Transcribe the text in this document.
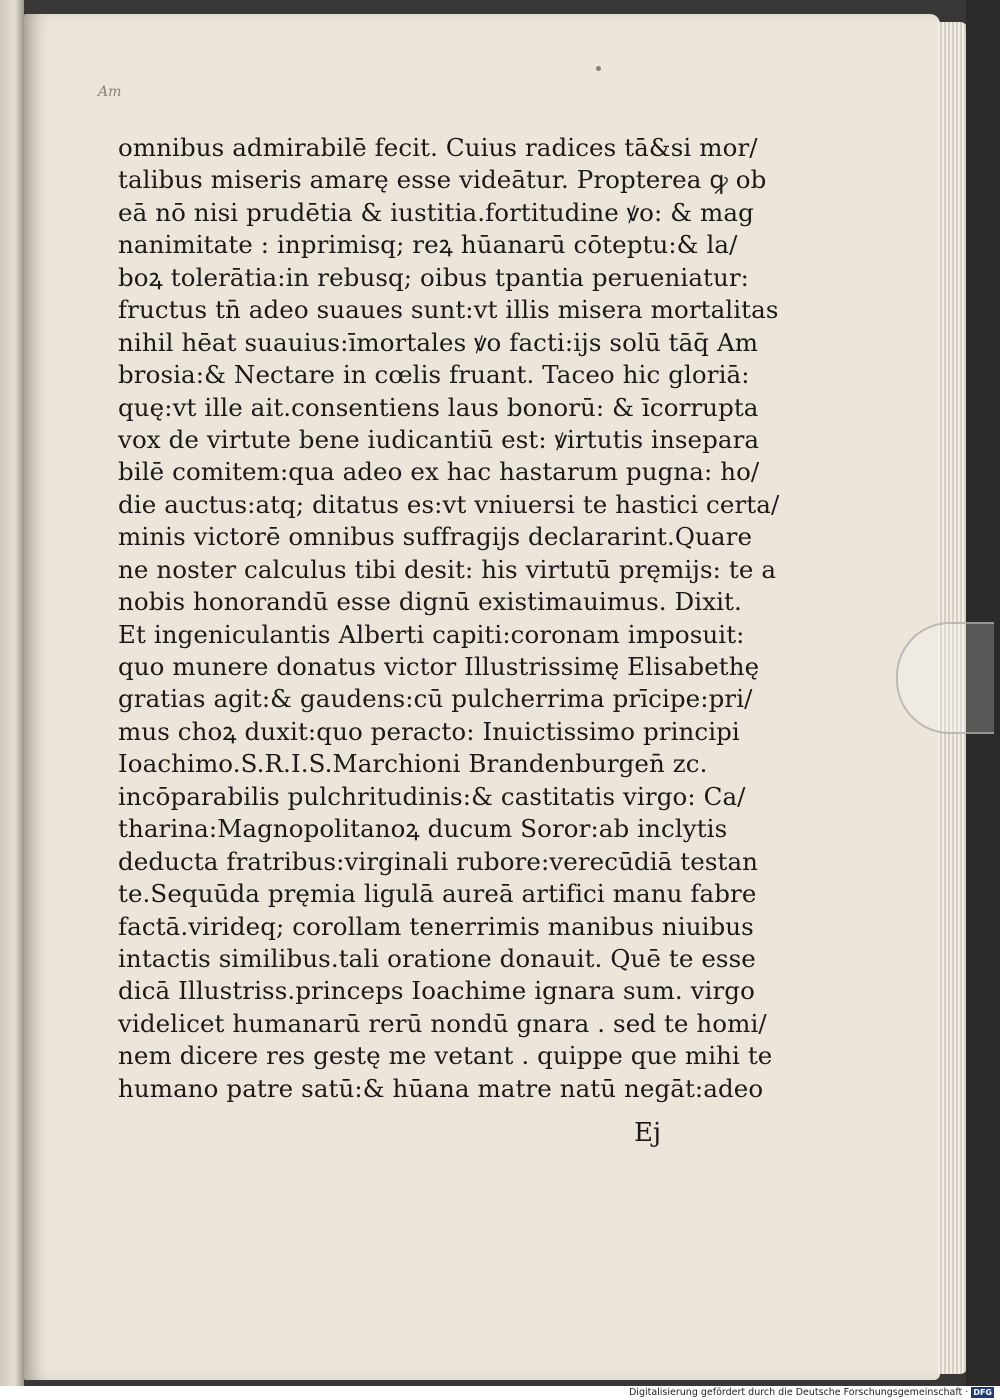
Am
omnibus admirabilē fecit. Cuius radices tā&si mor/
talibus miseris amarę esse videātur. Propterea ꝙ ob
eā nō nisi prudētia & iustitia.fortitudine ꝟo: & mag
nanimitate : inprimisq; reꝝ hūanarū cōteptu:& la/
boꝝ tolerātia:in rebusq; oibus tpantia perueniatur:
fructus tn̄ adeo suaues sunt:vt illis misera mortalitas
nihil hēat suauius:īmortales ꝟo facti:ijs solū tāq̄ Am
brosia:& Nectare in cœlis fruant. Taceo hic gloriā:
quę:vt ille ait.consentiens laus bonorū: & īcorrupta
vox de virtute bene iudicantiū est: ꝟirtutis insepara
bilē comitem:qua adeo ex hac hastarum pugna: ho/
die auctus:atq; ditatus es:vt vniuersi te hastici certa/
minis victorē omnibus suffragijs declararint.Quare
ne noster calculus tibi desit: his virtutū pręmijs: te a
nobis honorandū esse dignū existimauimus. Dixit.
Et ingeniculantis Alberti capiti:coronam imposuit:
quo munere donatus victor Illustrissimę Elisabethę
gratias agit:& gaudens:cū pulcherrima prīcipe:pri/
mus choꝝ duxit:quo peracto: Inuictissimo principi
Ioachimo.S.R.I.S.Marchioni Brandenburgen̄ zc.
incōparabilis pulchritudinis:& castitatis virgo: Ca/
tharina:Magnopolitanoꝝ ducum Soror:ab inclytis
deducta fratribus:virginali rubore:verecūdiā testan
te.Sequūda pręmia ligulā aureā artifici manu fabre
factā.virideq; corollam tenerrimis manibus niuibus
intactis similibus.tali oratione donauit. Quē te esse
dicā Illustriss.princeps Ioachime ignara sum. virgo
videlicet humanarū rerū nondū gnara . sed te homi/
nem dicere res gestę me vetant . quippe que mihi te
humano patre satū:& hūana matre natū negāt:adeo
Ej
Digitalisierung gefördert durch die Deutsche Forschungsgemeinschaft · DFG
